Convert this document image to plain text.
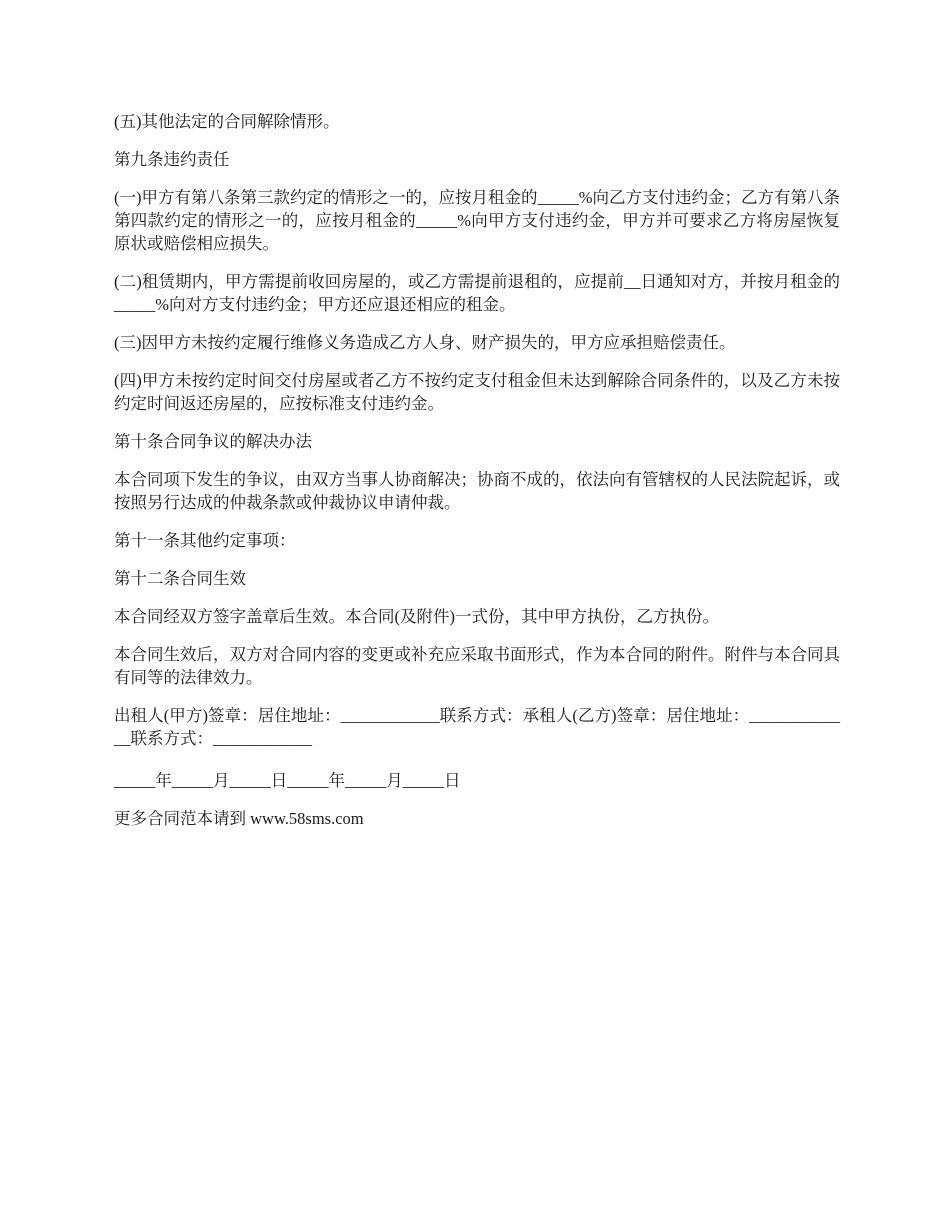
(五)其他法定的合同解除情形。

第九条违约责任

(一)甲方有第八条第三款约定的情形之一的，应按月租金的_____%向乙方支付违约金；乙方有第八条第四款约定的情形之一的，应按月租金的_____%向甲方支付违约金，甲方并可要求乙方将房屋恢复原状或赔偿相应损失。

(二)租赁期内，甲方需提前收回房屋的，或乙方需提前退租的，应提前__日通知对方，并按月租金的_____%向对方支付违约金；甲方还应退还相应的租金。

(三)因甲方未按约定履行维修义务造成乙方人身、财产损失的，甲方应承担赔偿责任。

(四)甲方未按约定时间交付房屋或者乙方不按约定支付租金但未达到解除合同条件的，以及乙方未按约定时间返还房屋的，应按标准支付违约金。

第十条合同争议的解决办法

本合同项下发生的争议，由双方当事人协商解决；协商不成的，依法向有管辖权的人民法院起诉，或按照另行达成的仲裁条款或仲裁协议申请仲裁。

第十一条其他约定事项：

第十二条合同生效

本合同经双方签字盖章后生效。本合同(及附件)一式份，其中甲方执份，乙方执份。

本合同生效后，双方对合同内容的变更或补充应采取书面形式，作为本合同的附件。附件与本合同具有同等的法律效力。

出租人(甲方)签章：居住地址：____________联系方式：承租人(乙方)签章：居住地址：_____________联系方式：____________

_____年_____月_____日_____年_____月_____日

更多合同范本请到 www.58sms.com
